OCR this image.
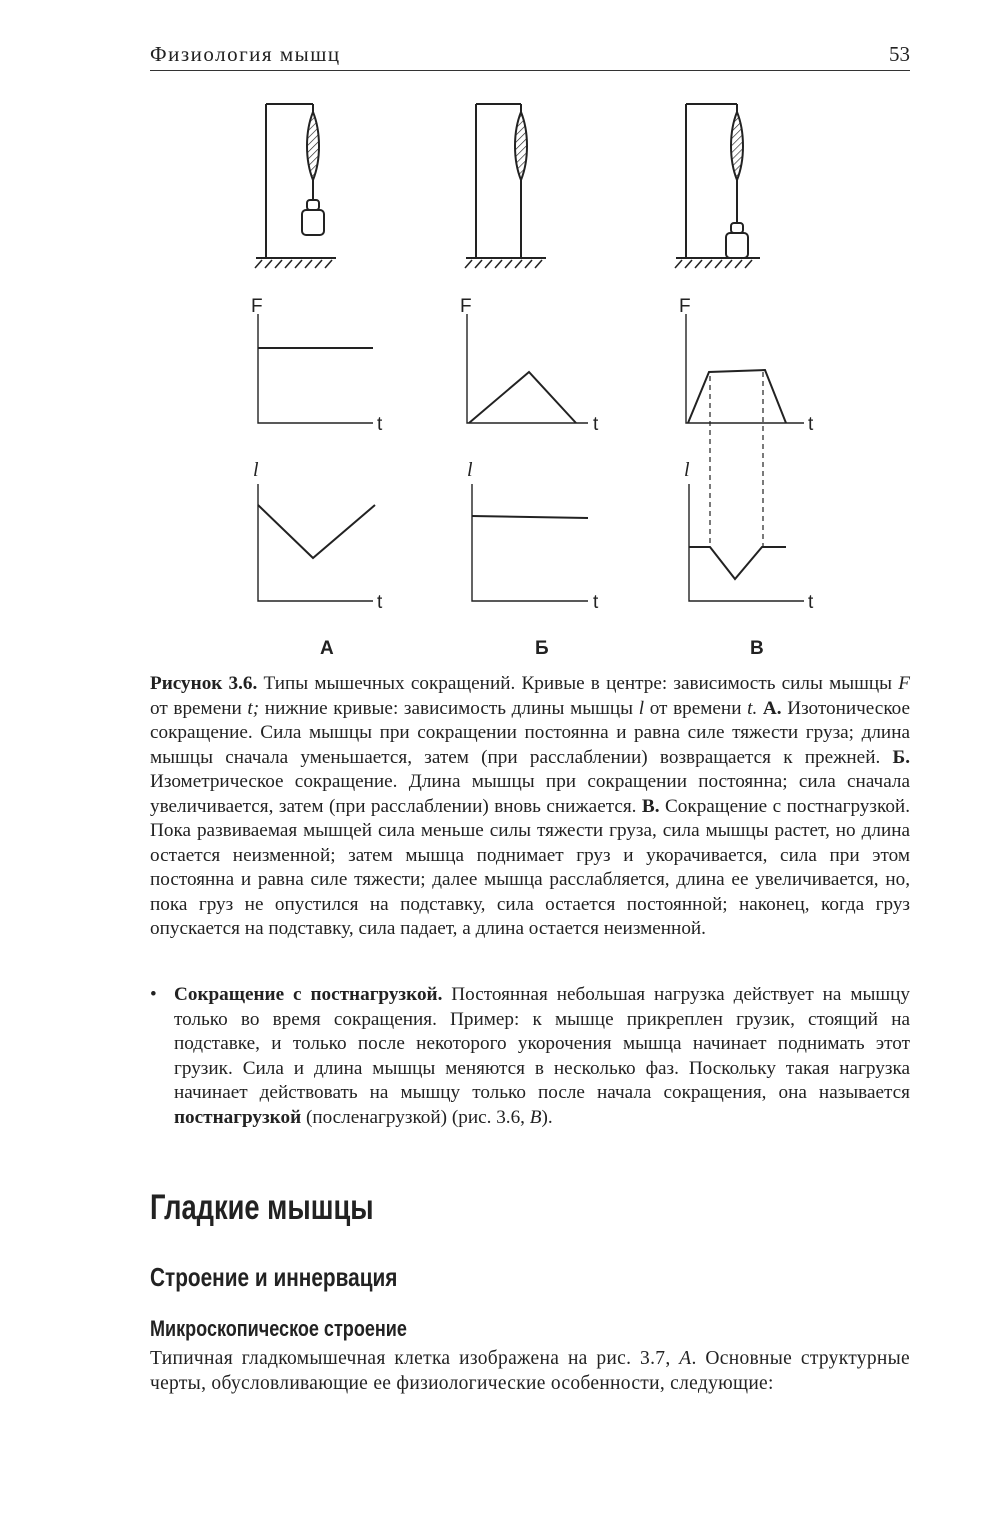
Физиология мышц	53
F	F	F
t	t	t
l	l	l
t	t	t
А	Б	В
Рисунок 3.6. Типы мышечных сокращений. Кривые в центре: зависимость силы мышцы F от времени t; нижние кривые: зависимость длины мышцы l от времени t. А. Изотоническое сокращение. Сила мышцы при сокращении постоянна и равна силе тяжести груза; длина мышцы сначала уменьшается, затем (при расслаблении) возвращается к прежней. Б. Изометрическое сокращение. Длина мышцы при сокращении постоянна; сила сначала увеличивается, затем (при расслаблении) вновь снижается. В. Сокращение с постнагрузкой. Пока развиваемая мышцей сила меньше силы тяжести груза, сила мышцы растет, но длина остается неизменной; затем мышца поднимает груз и укорачивается, сила при этом постоянна и равна силе тяжести; далее мышца расслабляется, длина ее увеличивается, но, пока груз не опустился на подставку, сила остается постоянной; наконец, когда груз опускается на подставку, сила падает, а длина остается неизменной.
• Сокращение с постнагрузкой. Постоянная небольшая нагрузка действует на мышцу только во время сокращения. Пример: к мышце прикреплен грузик, стоящий на подставке, и только после некоторого укорочения мышца начинает поднимать этот грузик. Сила и длина мышцы меняются в несколько фаз. Поскольку такая нагрузка начинает действовать на мышцу только после начала сокращения, она называется постнагрузкой (посленагрузкой) (рис. 3.6, В).
Гладкие мышцы
Строение и иннервация
Микроскопическое строение
Типичная гладкомышечная клетка изображена на рис. 3.7, А. Основные структурные черты, обусловливающие ее физиологические особенности, следующие:
